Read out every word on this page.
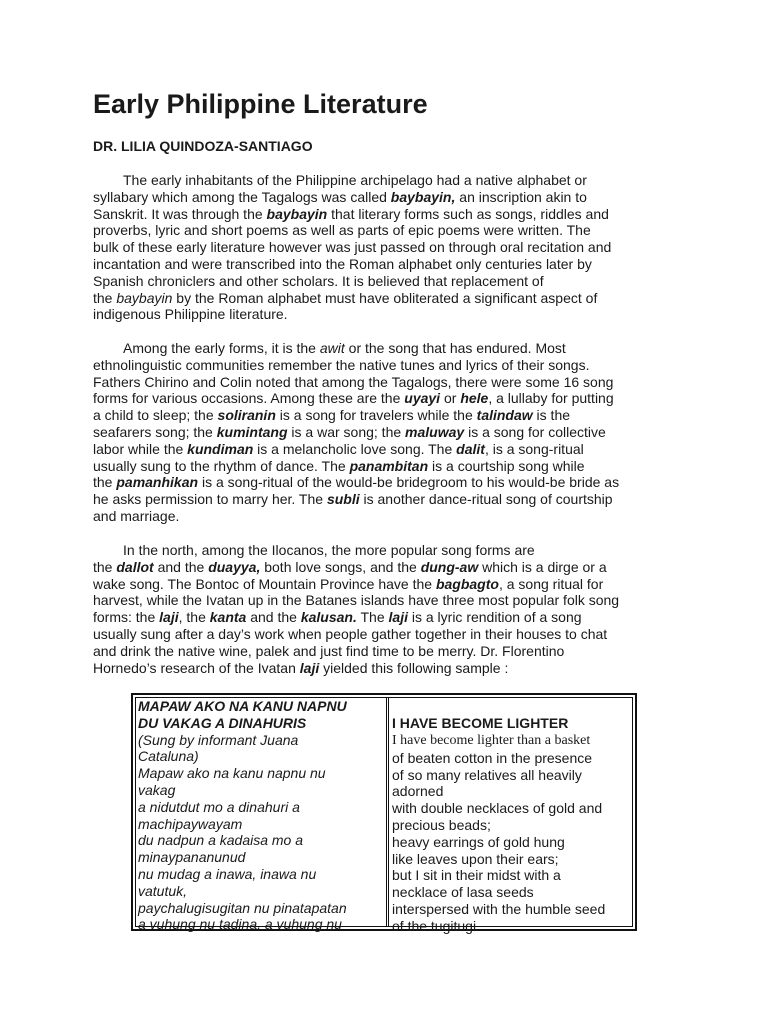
Early Philippine Literature
DR. LILIA QUINDOZA-SANTIAGO
The early inhabitants of the Philippine archipelago had a native alphabet or
syllabary which among the Tagalogs was called baybayin, an inscription akin to
Sanskrit. It was through the baybayin that literary forms such as songs, riddles and
proverbs, lyric and short poems as well as parts of epic poems were written. The
bulk of these early literature however was just passed on through oral recitation and
incantation and were transcribed into the Roman alphabet only centuries later by
Spanish chroniclers and other scholars. It is believed that replacement of
the baybayin by the Roman alphabet must have obliterated a significant aspect of
indigenous Philippine literature.
Among the early forms, it is the awit or the song that has endured. Most
ethnolinguistic communities remember the native tunes and lyrics of their songs.
Fathers Chirino and Colin noted that among the Tagalogs, there were some 16 song
forms for various occasions. Among these are the uyayi or hele, a lullaby for putting
a child to sleep; the soliranin is a song for travelers while the talindaw is the
seafarers song; the kumintang is a war song; the maluway is a song for collective
labor while the kundiman is a melancholic love song. The dalit, is a song-ritual
usually sung to the rhythm of dance. The panambitan is a courtship song while
the pamanhikan is a song-ritual of the would-be bridegroom to his would-be bride as
he asks permission to marry her. The subli is another dance-ritual song of courtship
and marriage.
In the north, among the Ilocanos, the more popular song forms are
the dallot and the duayya, both love songs, and the dung-aw which is a dirge or a
wake song. The Bontoc of Mountain Province have the bagbagto, a song ritual for
harvest, while the Ivatan up in the Batanes islands have three most popular folk song
forms: the laji, the kanta and the kalusan. The laji is a lyric rendition of a song
usually sung after a day’s work when people gather together in their houses to chat
and drink the native wine, palek and just find time to be merry. Dr. Florentino
Hornedo’s research of the Ivatan laji yielded this following sample :
MAPAW AKO NA KANU NAPNU
DU VAKAG A DINAHURIS
(Sung by informant Juana
Cataluna)
Mapaw ako na kanu napnu nu
vakag
a nidutdut mo a dinahuri a
machipaywayam
du nadpun a kadaisa mo a
minaypananunud
nu mudag a inawa, inawa nu
vatutuk,
paychalugisugitan nu pinatapatan
a vuhung nu tadina, a vuhung nu
I HAVE BECOME LIGHTER
I have become lighter than a basket
of beaten cotton in the presence
of so many relatives all heavily
adorned
with double necklaces of gold and
precious beads;
heavy earrings of gold hung
like leaves upon their ears;
but I sit in their midst with a
necklace of lasa seeds
interspersed with the humble seed
of the tugitugi
